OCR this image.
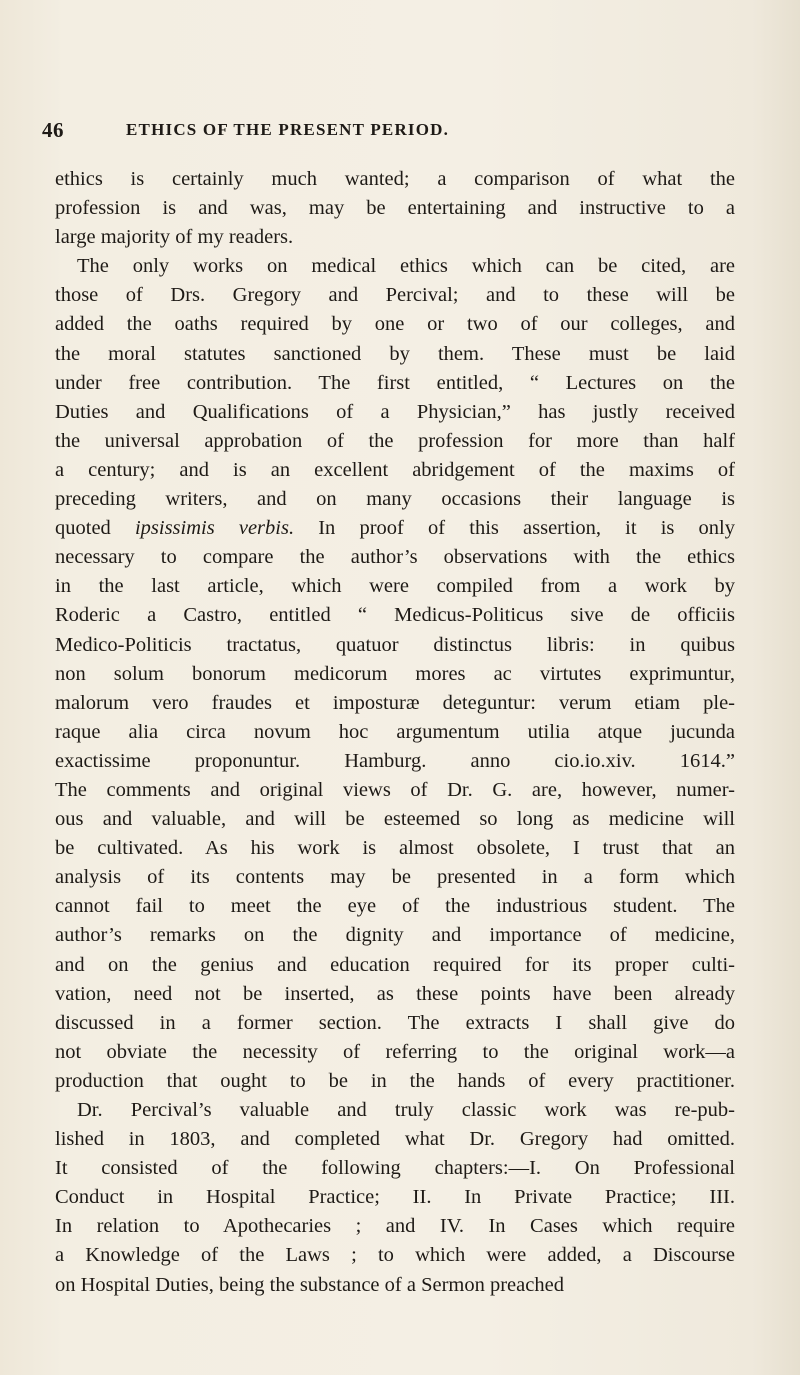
46	ETHICS OF THE PRESENT PERIOD.
ethics is certainly much wanted; a comparison of what the
profession is and was, may be entertaining and instructive to a
large majority of my readers.
The only works on medical ethics which can be cited, are
those of Drs. Gregory and Percival; and to these will be
added the oaths required by one or two of our colleges, and
the moral statutes sanctioned by them. These must be laid
under free contribution. The first entitled, “ Lectures on the
Duties and Qualifications of a Physician,” has justly received
the universal approbation of the profession for more than half
a century; and is an excellent abridgement of the maxims of
preceding writers, and on many occasions their language is
quoted ipsissimis verbis. In proof of this assertion, it is only
necessary to compare the author’s observations with the ethics
in the last article, which were compiled from a work by
Roderic a Castro, entitled “ Medicus-Politicus sive de officiis
Medico-Politicis tractatus, quatuor distinctus libris: in quibus
non solum bonorum medicorum mores ac virtutes exprimuntur,
malorum vero fraudes et imposturæ deteguntur: verum etiam ple-
raque alia circa novum hoc argumentum utilia atque jucunda
exactissime proponuntur. Hamburg. anno cio.io.xiv. 1614.”
The comments and original views of Dr. G. are, however, numer-
ous and valuable, and will be esteemed so long as medicine will
be cultivated. As his work is almost obsolete, I trust that an
analysis of its contents may be presented in a form which
cannot fail to meet the eye of the industrious student. The
author’s remarks on the dignity and importance of medicine,
and on the genius and education required for its proper culti-
vation, need not be inserted, as these points have been already
discussed in a former section. The extracts I shall give do
not obviate the necessity of referring to the original work—a
production that ought to be in the hands of every practitioner.
Dr. Percival’s valuable and truly classic work was re-pub-
lished in 1803, and completed what Dr. Gregory had omitted.
It consisted of the following chapters:—I. On Professional
Conduct in Hospital Practice; II. In Private Practice; III.
In relation to Apothecaries ; and IV. In Cases which require
a Knowledge of the Laws ; to which were added, a Discourse
on Hospital Duties, being the substance of a Sermon preached
